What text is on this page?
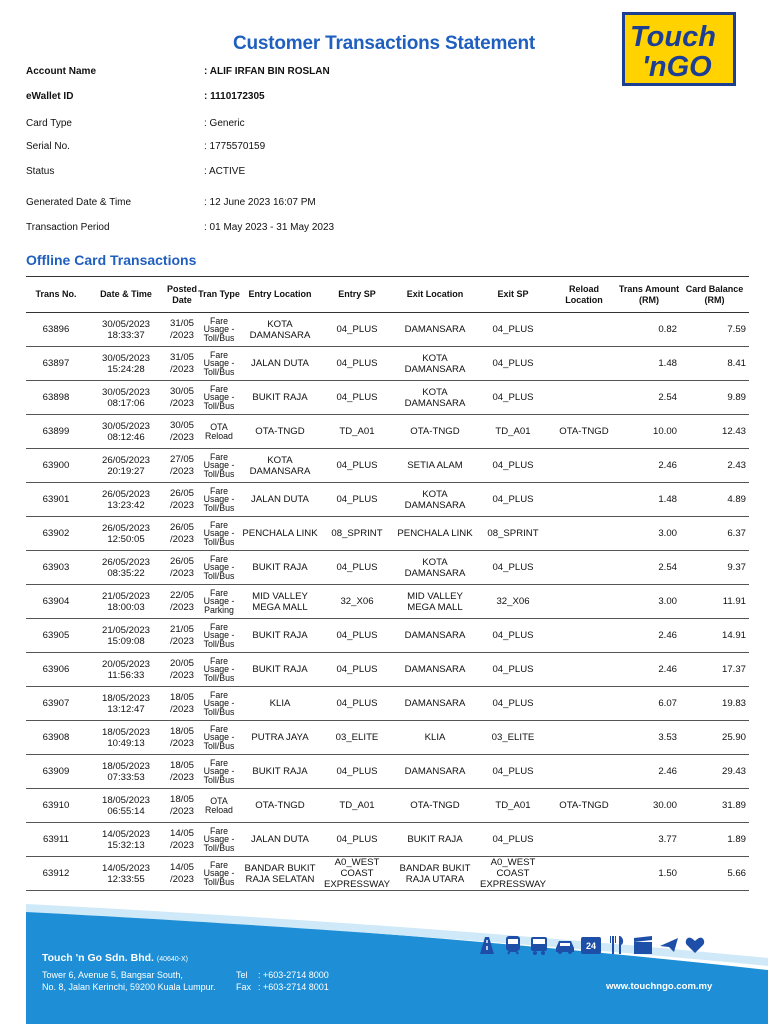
Customer Transactions Statement	Touch
'nGO
Account Name	: ALIF IRFAN BIN ROSLAN
eWallet ID	: 1110172305
Card Type	: Generic
Serial No.	: 1775570159
Status	: ACTIVE
Generated Date & Time	: 12 June 2023 16:07 PM
Transaction Period	: 01 May 2023 - 31 May 2023
Offline Card Transactions
Trans No.	Date & Time	Posted Date	Tran Type	Entry Location	Entry SP	Exit Location	Exit SP	Reload Location	Trans Amount (RM)	Card Balance (RM)
63896	30/05/2023 18:33:37	31/05 /2023	Fare Usage - Toll/Bus	KOTA DAMANSARA	04_PLUS	DAMANSARA	04_PLUS		0.82	7.59
63897	30/05/2023 15:24:28	31/05 /2023	Fare Usage - Toll/Bus	JALAN DUTA	04_PLUS	KOTA DAMANSARA	04_PLUS		1.48	8.41
63898	30/05/2023 08:17:06	30/05 /2023	Fare Usage - Toll/Bus	BUKIT RAJA	04_PLUS	KOTA DAMANSARA	04_PLUS		2.54	9.89
63899	30/05/2023 08:12:46	30/05 /2023	OTA Reload	OTA-TNGD	TD_A01	OTA-TNGD	TD_A01	OTA-TNGD	10.00	12.43
63900	26/05/2023 20:19:27	27/05 /2023	Fare Usage - Toll/Bus	KOTA DAMANSARA	04_PLUS	SETIA ALAM	04_PLUS		2.46	2.43
63901	26/05/2023 13:23:42	26/05 /2023	Fare Usage - Toll/Bus	JALAN DUTA	04_PLUS	KOTA DAMANSARA	04_PLUS		1.48	4.89
63902	26/05/2023 12:50:05	26/05 /2023	Fare Usage - Toll/Bus	PENCHALA LINK	08_SPRINT	PENCHALA LINK	08_SPRINT		3.00	6.37
63903	26/05/2023 08:35:22	26/05 /2023	Fare Usage - Toll/Bus	BUKIT RAJA	04_PLUS	KOTA DAMANSARA	04_PLUS		2.54	9.37
63904	21/05/2023 18:00:03	22/05 /2023	Fare Usage - Parking	MID VALLEY MEGA MALL	32_X06	MID VALLEY MEGA MALL	32_X06		3.00	11.91
63905	21/05/2023 15:09:08	21/05 /2023	Fare Usage - Toll/Bus	BUKIT RAJA	04_PLUS	DAMANSARA	04_PLUS		2.46	14.91
63906	20/05/2023 11:56:33	20/05 /2023	Fare Usage - Toll/Bus	BUKIT RAJA	04_PLUS	DAMANSARA	04_PLUS		2.46	17.37
63907	18/05/2023 13:12:47	18/05 /2023	Fare Usage - Toll/Bus	KLIA	04_PLUS	DAMANSARA	04_PLUS		6.07	19.83
63908	18/05/2023 10:49:13	18/05 /2023	Fare Usage - Toll/Bus	PUTRA JAYA	03_ELITE	KLIA	03_ELITE		3.53	25.90
63909	18/05/2023 07:33:53	18/05 /2023	Fare Usage - Toll/Bus	BUKIT RAJA	04_PLUS	DAMANSARA	04_PLUS		2.46	29.43
63910	18/05/2023 06:55:14	18/05 /2023	OTA Reload	OTA-TNGD	TD_A01	OTA-TNGD	TD_A01	OTA-TNGD	30.00	31.89
63911	14/05/2023 15:32:13	14/05 /2023	Fare Usage - Toll/Bus	JALAN DUTA	04_PLUS	BUKIT RAJA	04_PLUS		3.77	1.89
63912	14/05/2023 12:33:55	14/05 /2023	Fare Usage - Toll/Bus	BANDAR BUKIT RAJA SELATAN	A0_WEST COAST EXPRESSWAY	BANDAR BUKIT RAJA UTARA	A0_WEST COAST EXPRESSWAY		1.50	5.66
Touch 'n Go Sdn. Bhd. (40640-X)
Tower 6, Avenue 5, Bangsar South,
No. 8, Jalan Kerinchi, 59200 Kuala Lumpur.
Tel : +603-2714 8000
Fax : +603-2714 8001	www.touchngo.com.my
24
